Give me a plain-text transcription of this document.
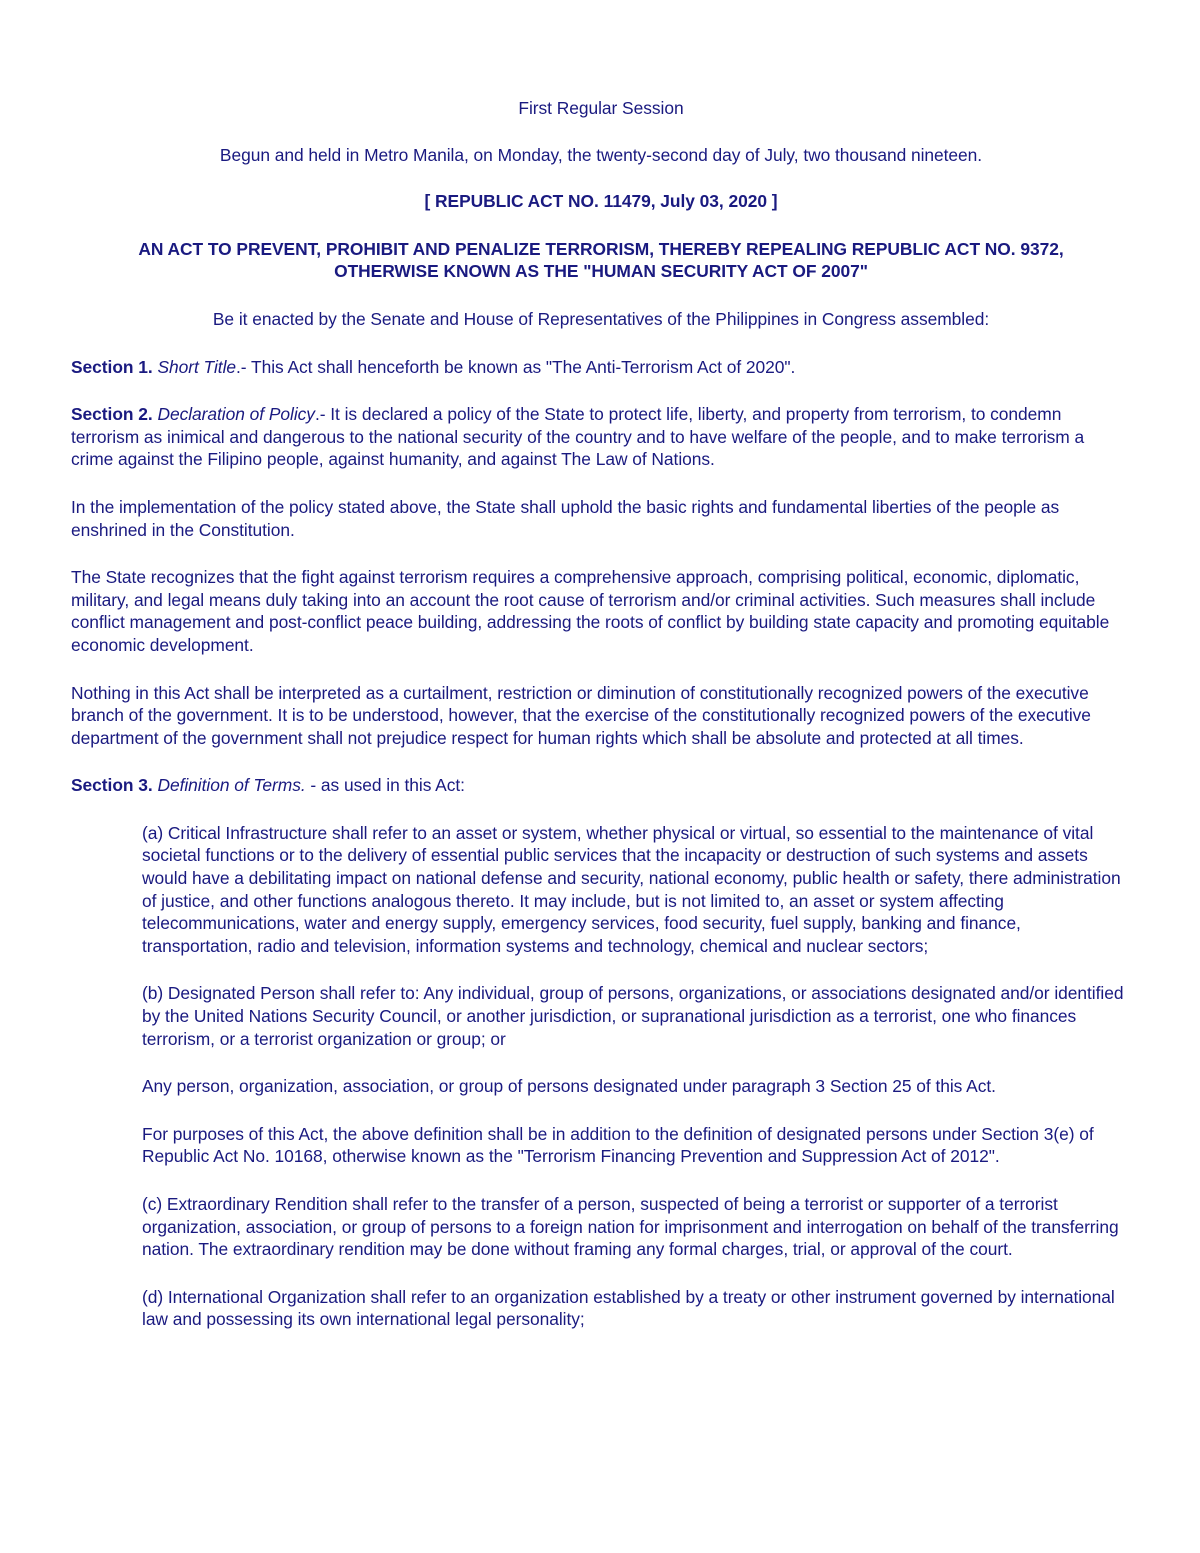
First Regular Session

Begun and held in Metro Manila, on Monday, the twenty-second day of July, two thousand nineteen.

[ REPUBLIC ACT NO. 11479, July 03, 2020 ]

AN ACT TO PREVENT, PROHIBIT AND PENALIZE TERRORISM, THEREBY REPEALING REPUBLIC ACT NO. 9372,
OTHERWISE KNOWN AS THE "HUMAN SECURITY ACT OF 2007"

Be it enacted by the Senate and House of Representatives of the Philippines in Congress assembled:

Section 1. Short Title.- This Act shall henceforth be known as "The Anti-Terrorism Act of 2020".

Section 2. Declaration of Policy.- It is declared a policy of the State to protect life, liberty, and property from terrorism, to condemn terrorism as inimical and dangerous to the national security of the country and to have welfare of the people, and to make terrorism a crime against the Filipino people, against humanity, and against The Law of Nations.

In the implementation of the policy stated above, the State shall uphold the basic rights and fundamental liberties of the people as enshrined in the Constitution.

The State recognizes that the fight against terrorism requires a comprehensive approach, comprising political, economic, diplomatic, military, and legal means duly taking into an account the root cause of terrorism and/or criminal activities. Such measures shall include conflict management and post-conflict peace building, addressing the roots of conflict by building state capacity and promoting equitable economic development.

Nothing in this Act shall be interpreted as a curtailment, restriction or diminution of constitutionally recognized powers of the executive branch of the government. It is to be understood, however, that the exercise of the constitutionally recognized powers of the executive department of the government shall not prejudice respect for human rights which shall be absolute and protected at all times.

Section 3. Definition of Terms. - as used in this Act:

(a) Critical Infrastructure shall refer to an asset or system, whether physical or virtual, so essential to the maintenance of vital societal functions or to the delivery of essential public services that the incapacity or destruction of such systems and assets would have a debilitating impact on national defense and security, national economy, public health or safety, there administration of justice, and other functions analogous thereto. It may include, but is not limited to, an asset or system affecting telecommunications, water and energy supply, emergency services, food security, fuel supply, banking and finance, transportation, radio and television, information systems and technology, chemical and nuclear sectors;

(b) Designated Person shall refer to: Any individual, group of persons, organizations, or associations designated and/or identified by the United Nations Security Council, or another jurisdiction, or supranational jurisdiction as a terrorist, one who finances terrorism, or a terrorist organization or group; or

Any person, organization, association, or group of persons designated under paragraph 3 Section 25 of this Act.

For purposes of this Act, the above definition shall be in addition to the definition of designated persons under Section 3(e) of Republic Act No. 10168, otherwise known as the "Terrorism Financing Prevention and Suppression Act of 2012".

(c) Extraordinary Rendition shall refer to the transfer of a person, suspected of being a terrorist or supporter of a terrorist organization, association, or group of persons to a foreign nation for imprisonment and interrogation on behalf of the transferring nation. The extraordinary rendition may be done without framing any formal charges, trial, or approval of the court.

(d) International Organization shall refer to an organization established by a treaty or other instrument governed by international law and possessing its own international legal personality;
